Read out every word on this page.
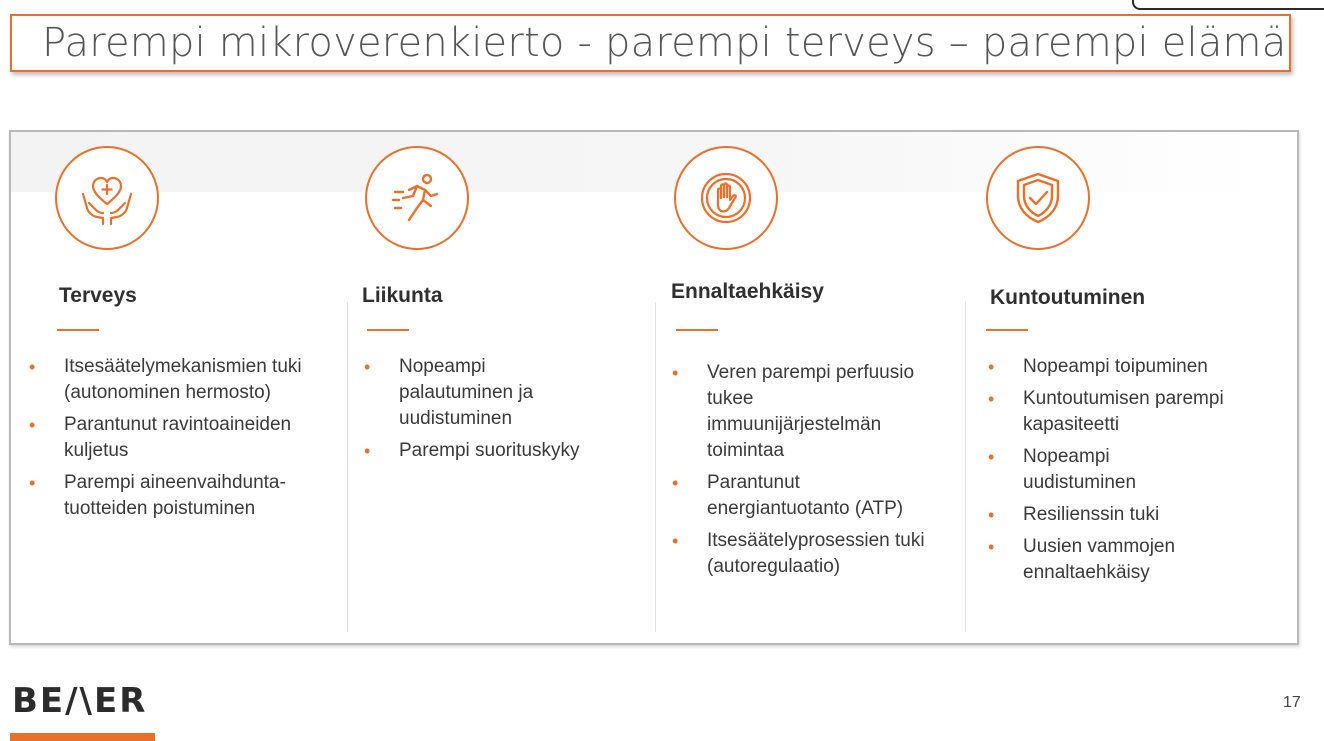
Parempi mikroverenkierto - parempi terveys – parempi elämä
Terveys
• Itsesäätelymekanismien tuki (autonominen hermosto)
• Parantunut ravintoaineiden kuljetus
• Parempi aineenvaihdunta-tuotteiden poistuminen
Liikunta
• Nopeampi palautuminen ja uudistuminen
• Parempi suorituskyky
Ennaltaehkäisy
• Veren parempi perfuusio tukee immuunijärjestelmän toimintaa
• Parantunut energiantuotanto (ATP)
• Itsesäätelyprosessien tuki (autoregulaatio)
Kuntoutuminen
• Nopeampi toipuminen
• Kuntoutumisen parempi kapasiteetti
• Nopeampi uudistuminen
• Resilienssin tuki
• Uusien vammojen ennaltaehkäisy
BE/\ER	17
